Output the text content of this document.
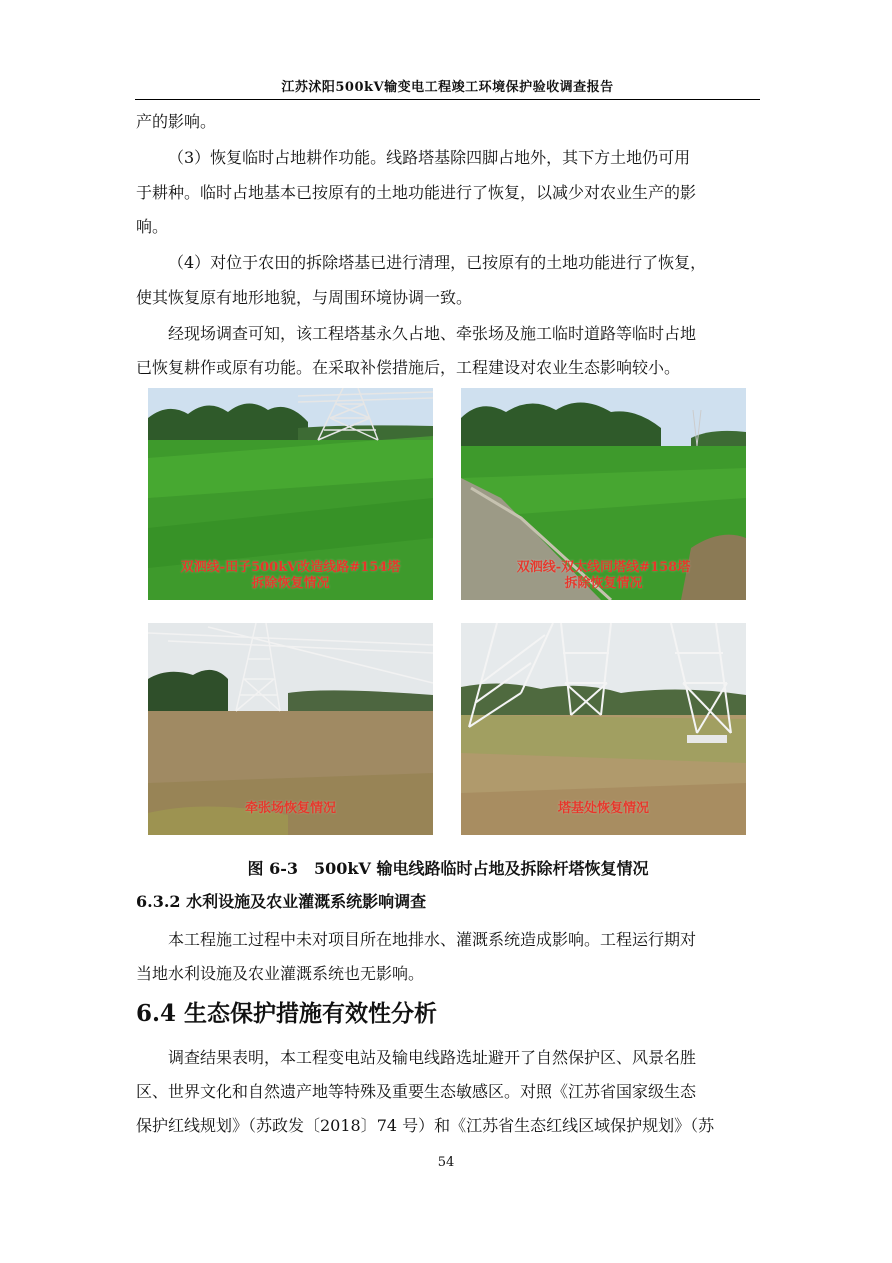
江苏沭阳500kV输变电工程竣工环境保护验收调查报告

产的影响。

（3）恢复临时占地耕作功能。线路塔基除四脚占地外，其下方土地仍可用

于耕种。临时占地基本已按原有的土地功能进行了恢复，以减少对农业生产的影

响。

（4）对位于农田的拆除塔基已进行清理，已按原有的土地功能进行了恢复，

使其恢复原有地形地貌，与周围环境协调一致。

经现场调查可知，该工程塔基永久占地、牵张场及施工临时道路等临时占地

已恢复耕作或原有功能。在采取补偿措施后，工程建设对农业生态影响较小。

双泗线-田子500kV改造线路#154塔
拆除恢复情况
双泗线-双太线同塔线#158塔
拆除恢复情况
牵张场恢复情况	塔基处恢复情况
图 6-3　500kV 输电线路临时占地及拆除杆塔恢复情况
6.3.2 水利设施及农业灌溉系统影响调查

本工程施工过程中未对项目所在地排水、灌溉系统造成影响。工程运行期对

当地水利设施及农业灌溉系统也无影响。

6.4 生态保护措施有效性分析

调查结果表明，本工程变电站及输电线路选址避开了自然保护区、风景名胜

区、世界文化和自然遗产地等特殊及重要生态敏感区。对照《江苏省国家级生态

保护红线规划》（苏政发〔2018〕74 号）和《江苏省生态红线区域保护规划》（苏

54
